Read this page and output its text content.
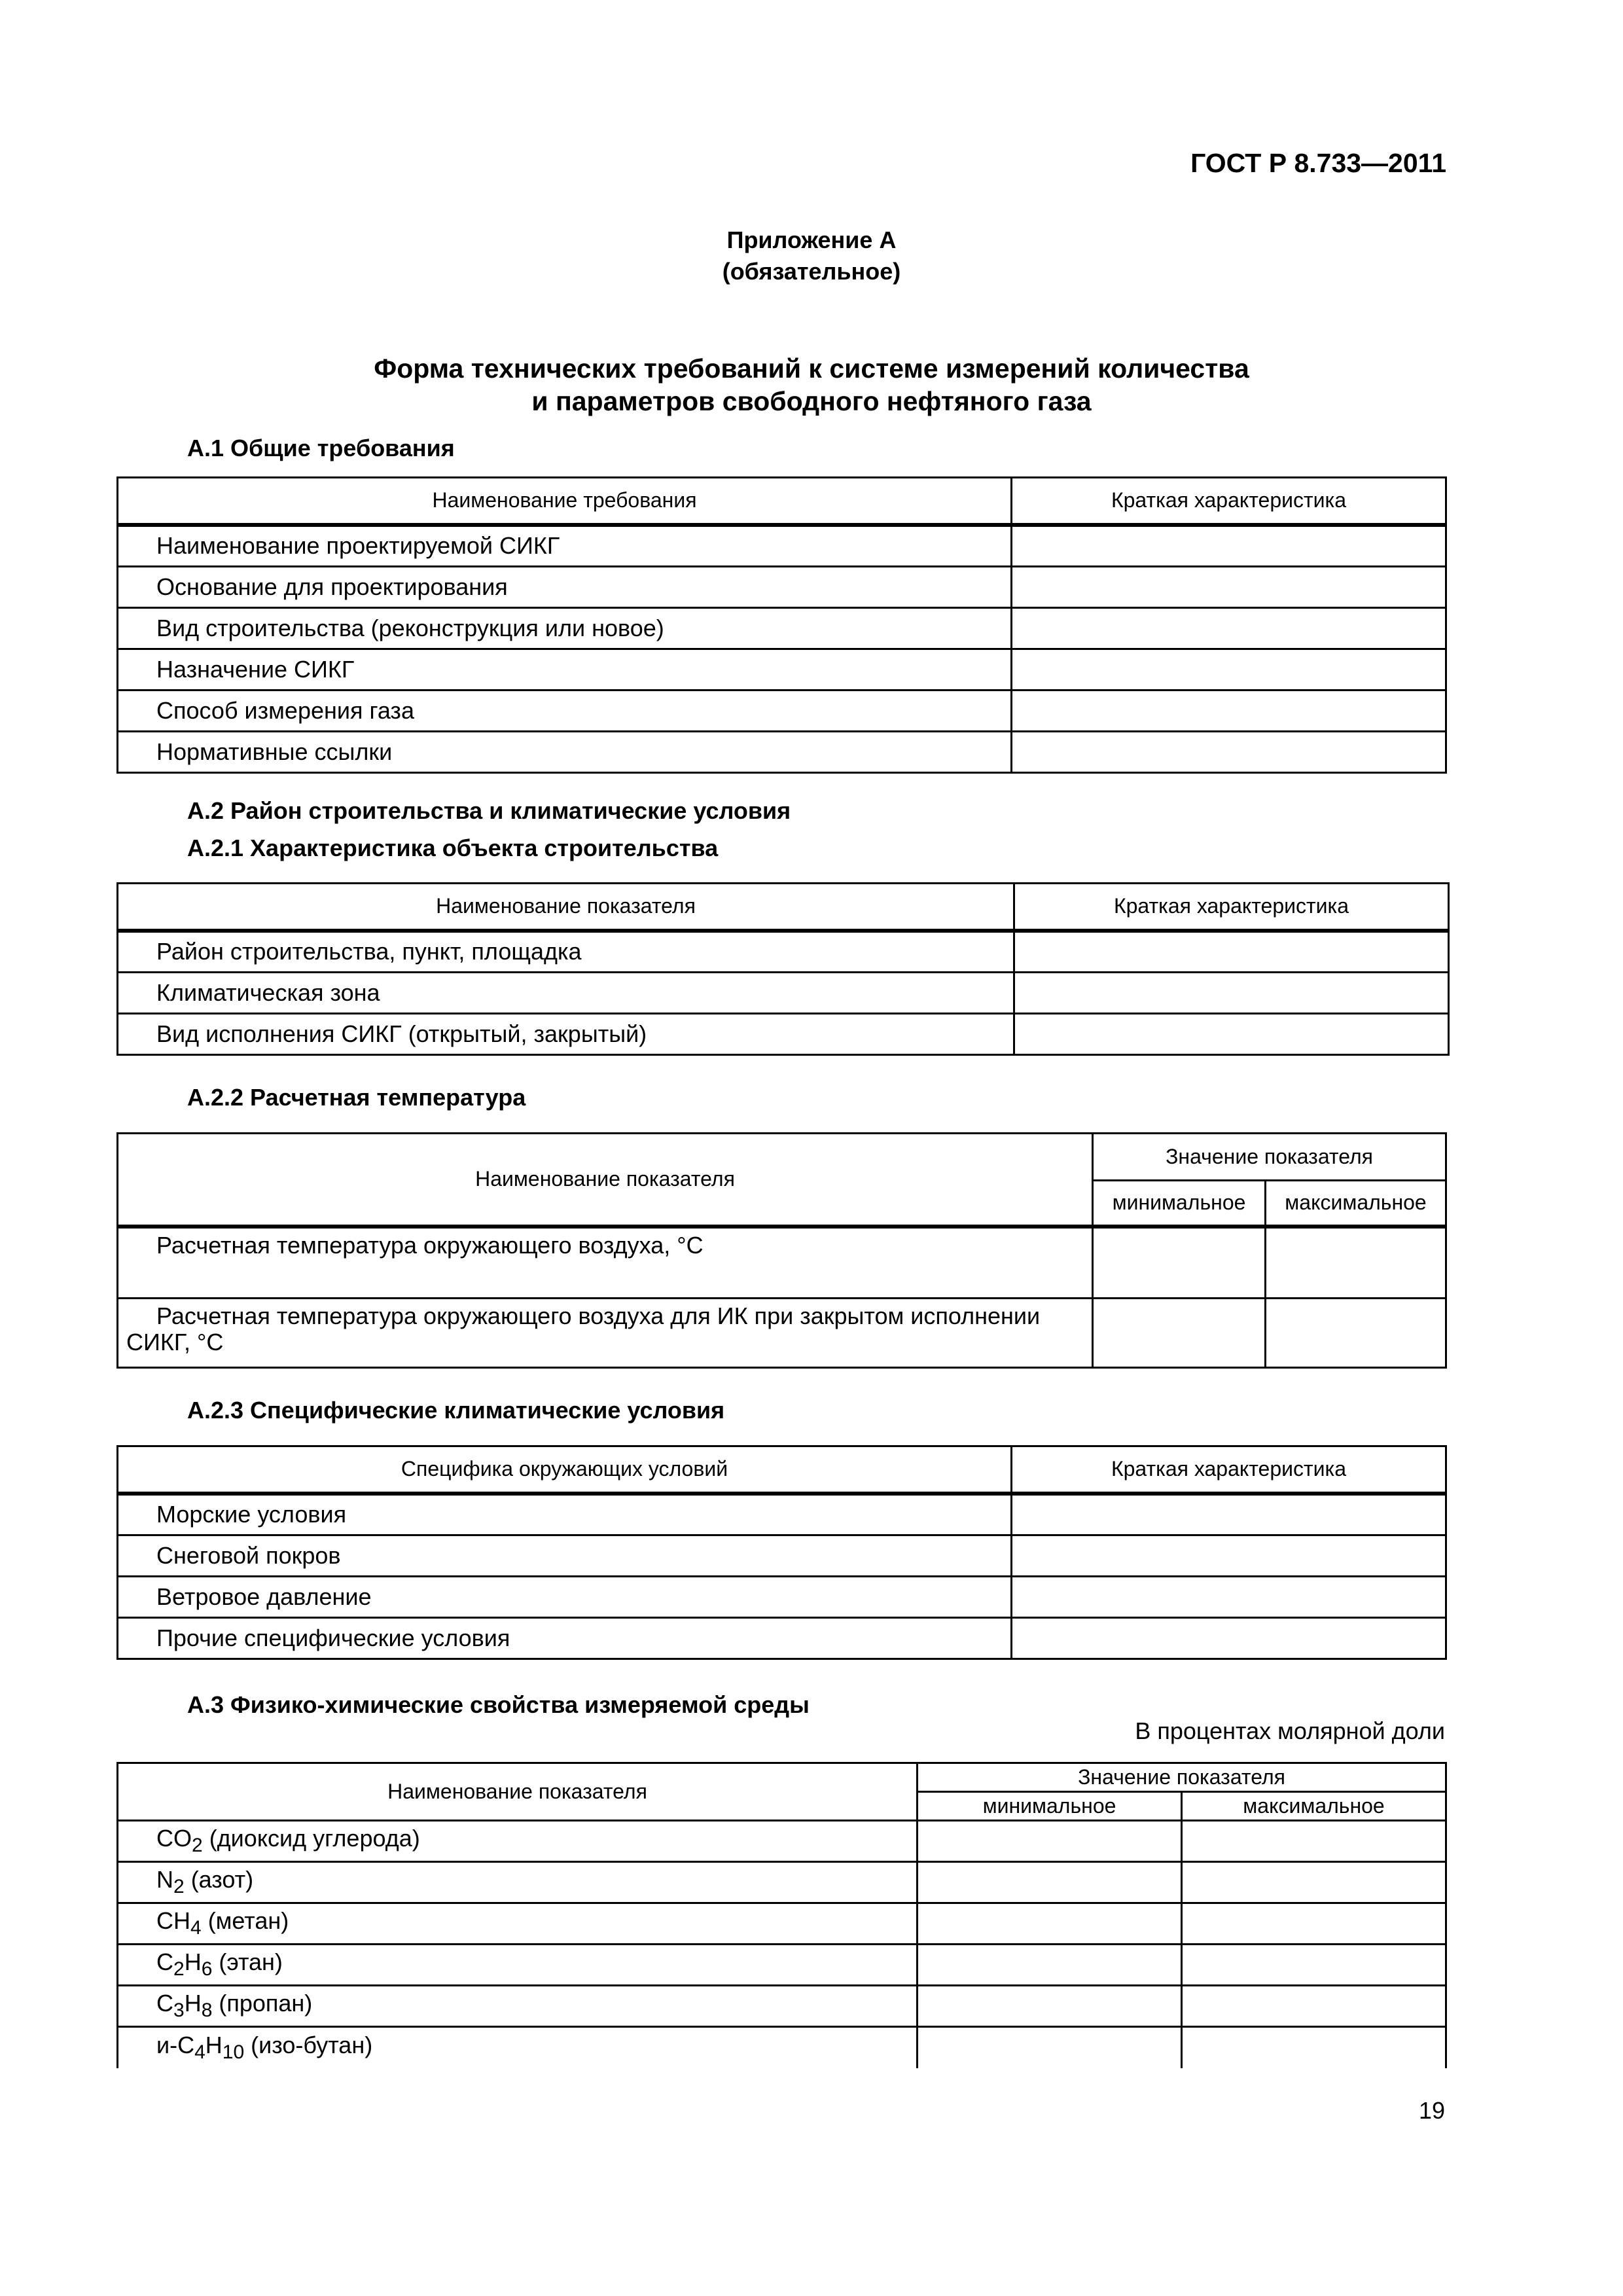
ГОСТ Р 8.733—2011
Приложение А
(обязательное)
Форма технических требований к системе измерений количества
и параметров свободного нефтяного газа
А.1 Общие требования
Наименование требования	Краткая характеристика
Наименование проектируемой СИКГ	
Основание для проектирования	
Вид строительства (реконструкция или новое)	
Назначение СИКГ	
Способ измерения газа	
Нормативные ссылки	
А.2 Район строительства и климатические условия
А.2.1 Характеристика объекта строительства
Наименование показателя	Краткая характеристика
Район строительства, пункт, площадка	
Климатическая зона	
Вид исполнения СИКГ (открытый, закрытый)	
А.2.2 Расчетная температура
Наименование показателя	Значение показателя	
	минимальное	максимальное

Расчетная температура окружающего воздуха, °С		

Расчетная температура окружающего воздуха для ИК при закрытом исполнении
СИКГ, °С		

А.2.3 Специфические климатические условия
Специфика окружающих условий	Краткая характеристика
Морские условия	
Снеговой покров	
Ветровое давление	
Прочие специфические условия	
А.3 Физико-химические свойства измеряемой среды
В процентах молярной доли
Наименование показателя	Значение показателя	
	минимальное	максимальное
$CO_2$ (диоксид углерода)		
$N_2$ (азот)		
$CH_4$ (метан)		
$C_2H_6$ (этан)		
$C_3H_8$ (пропан)		
$и-C_4H_{10}$ (изо-бутан)		
19
